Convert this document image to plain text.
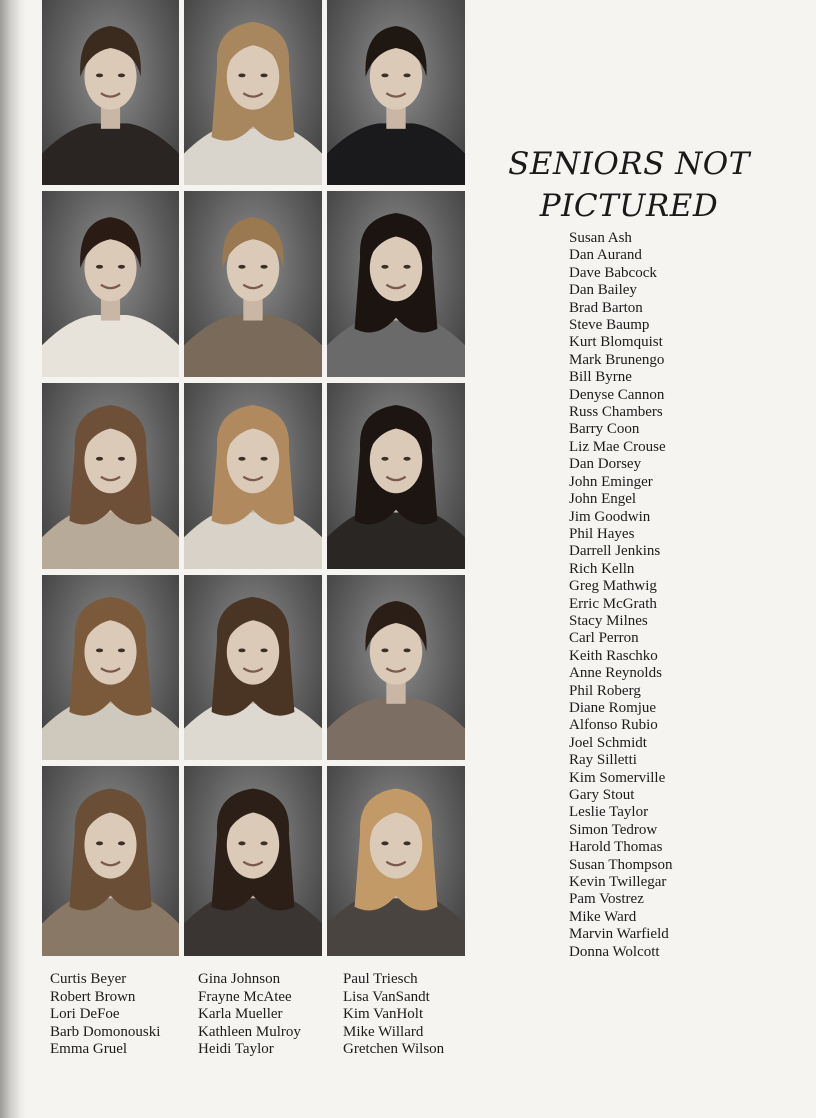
SENIORS NOT
PICTURED
Susan Ash
Dan Aurand
Dave Babcock
Dan Bailey
Brad Barton
Steve Baump
Kurt Blomquist
Mark Brunengo
Bill Byrne
Denyse Cannon
Russ Chambers
Barry Coon
Liz Mae Crouse
Dan Dorsey
John Eminger
John Engel
Jim Goodwin
Phil Hayes
Darrell Jenkins
Rich Kelln
Greg Mathwig
Erric McGrath
Stacy Milnes
Carl Perron
Keith Raschko
Anne Reynolds
Phil Roberg
Diane Romjue
Alfonso Rubio
Joel Schmidt
Ray Silletti
Kim Somerville
Gary Stout
Leslie Taylor
Simon Tedrow
Harold Thomas
Susan Thompson
Kevin Twillegar
Pam Vostrez
Mike Ward
Marvin Warfield
Donna Wolcott
Curtis Beyer
Robert Brown
Lori DeFoe
Barb Domonouski
Emma Gruel
Gina Johnson
Frayne McAtee
Karla Mueller
Kathleen Mulroy
Heidi Taylor
Paul Triesch
Lisa VanSandt
Kim VanHolt
Mike Willard
Gretchen Wilson
